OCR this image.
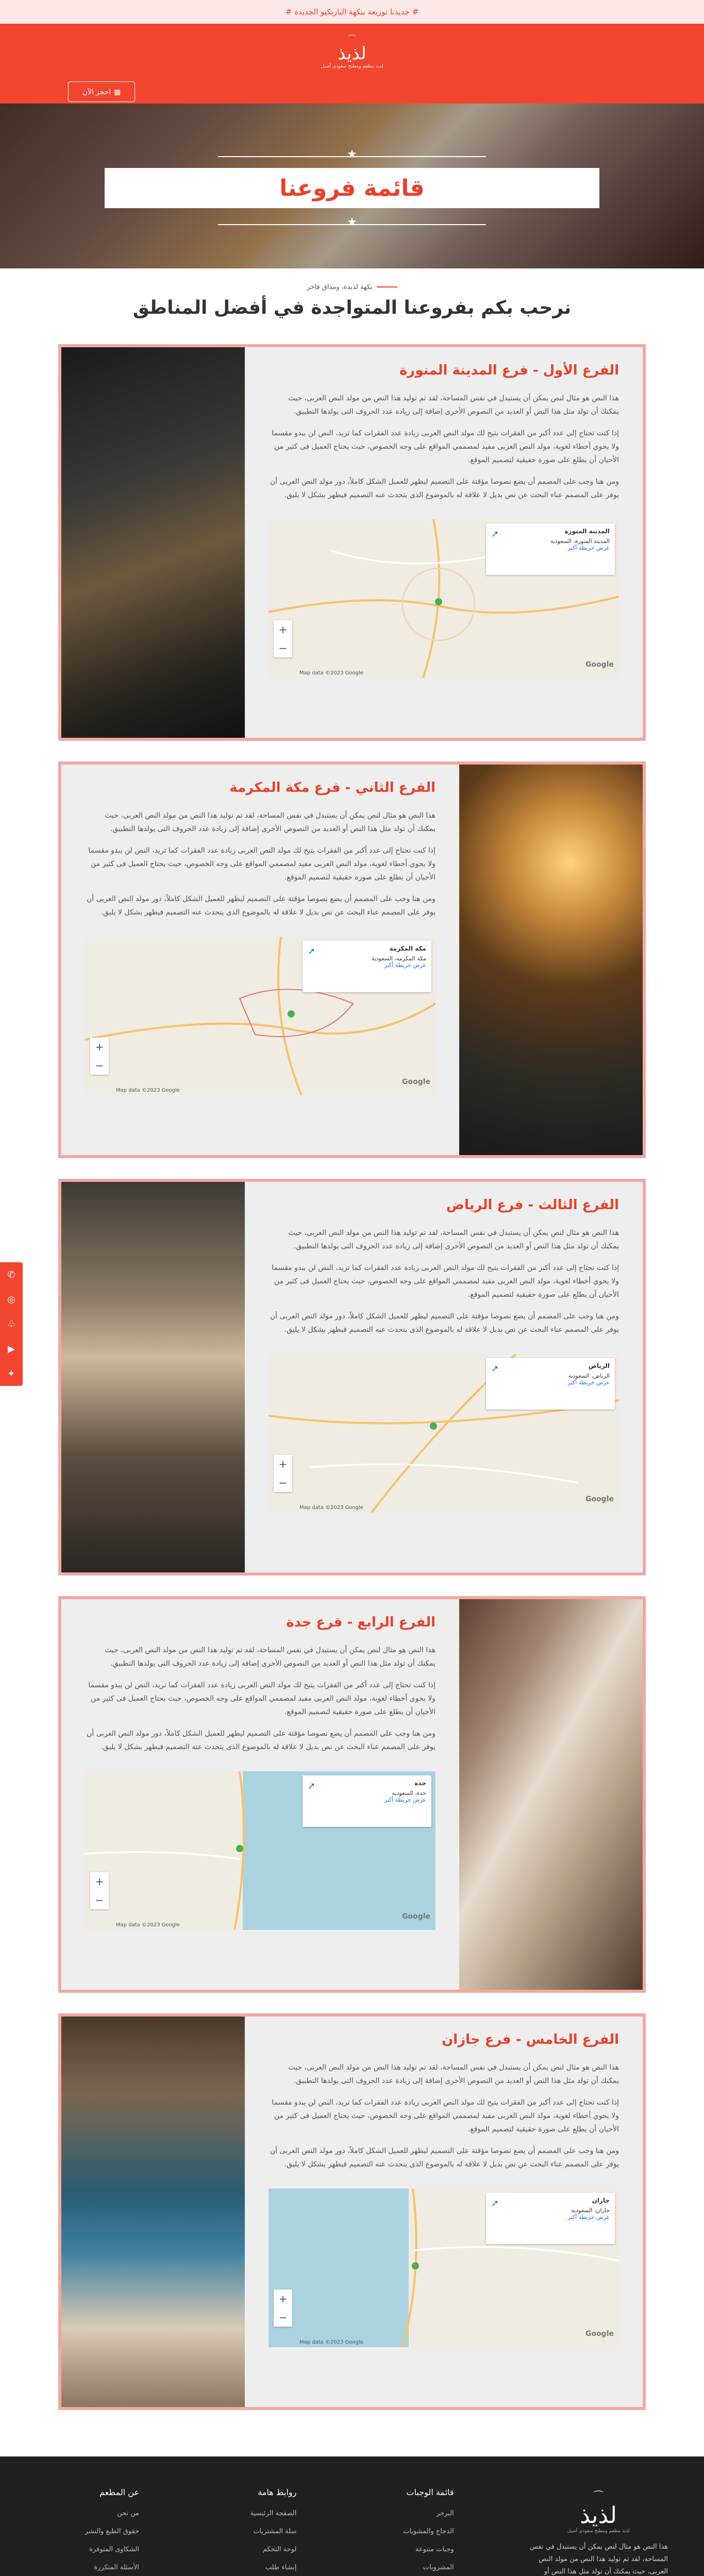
# جديدنا توزيعة بنكهة الباربكيو الجديدة #
⌒
لذيذ
لذيذ مطعم ومطبخ سعودي أصيل
▦
احجز الآن
★
قائمة فروعنا
★
نكهة لذيذة، ومذاق فاخر
نرحب بكم بفروعنا المتواجدة في أفضل المناطق
الفرع الأول - فرع المدينة المنورة

هذا النص هو مثال لنص يمكن أن يستبدل في نفس المساحة، لقد تم توليد هذا النص من مولد النص العربى، حيث يمكنك أن تولد مثل هذا النص أو العديد من النصوص الأخرى إضافة إلى زيادة عدد الحروف التى يولدها التطبيق.

إذا كنت تحتاج إلى عدد أكبر من الفقرات يتيح لك مولد النص العربى زيادة عدد الفقرات كما تريد، النص لن يبدو مقسما ولا يحوي أخطاء لغوية، مولد النص العربى مفيد لمصممي المواقع على وجه الخصوص، حيث يحتاج العميل فى كثير من الأحيان أن يطلع على صورة حقيقية لتصميم الموقع.

ومن هنا وجب على المصمم أن يضع نصوصا مؤقتة على التصميم ليظهر للعميل الشكل كاملاً، دور مولد النص العربى أن يوفر على المصمم عناء البحث عن نص بديل لا علاقة له بالموضوع الذى يتحدث عنه التصميم فيظهر بشكل لا يليق.

المدينة المنورة
المدينة المنورة، السعودية
عرض خريطة أكبر
➚
+
−
Google
Map data ©2023 Google
الفرع الثاني - فرع مكة المكرمة

هذا النص هو مثال لنص يمكن أن يستبدل في نفس المساحة، لقد تم توليد هذا النص من مولد النص العربى، حيث يمكنك أن تولد مثل هذا النص أو العديد من النصوص الأخرى إضافة إلى زيادة عدد الحروف التى يولدها التطبيق.

إذا كنت تحتاج إلى عدد أكبر من الفقرات يتيح لك مولد النص العربى زيادة عدد الفقرات كما تريد، النص لن يبدو مقسما ولا يحوي أخطاء لغوية، مولد النص العربى مفيد لمصممي المواقع على وجه الخصوص، حيث يحتاج العميل فى كثير من الأحيان أن يطلع على صورة حقيقية لتصميم الموقع.

ومن هنا وجب على المصمم أن يضع نصوصا مؤقتة على التصميم ليظهر للعميل الشكل كاملاً، دور مولد النص العربى أن يوفر على المصمم عناء البحث عن نص بديل لا علاقة له بالموضوع الذى يتحدث عنه التصميم فيظهر بشكل لا يليق.

مكة المكرمة
مكة المكرمة، السعودية
عرض خريطة أكبر
➚
+
−
Google
Map data ©2023 Google
الفرع الثالث - فرع الرياض

هذا النص هو مثال لنص يمكن أن يستبدل في نفس المساحة، لقد تم توليد هذا النص من مولد النص العربى، حيث يمكنك أن تولد مثل هذا النص أو العديد من النصوص الأخرى إضافة إلى زيادة عدد الحروف التى يولدها التطبيق.

إذا كنت تحتاج إلى عدد أكبر من الفقرات يتيح لك مولد النص العربى زيادة عدد الفقرات كما تريد، النص لن يبدو مقسما ولا يحوي أخطاء لغوية، مولد النص العربى مفيد لمصممي المواقع على وجه الخصوص، حيث يحتاج العميل فى كثير من الأحيان أن يطلع على صورة حقيقية لتصميم الموقع.

ومن هنا وجب على المصمم أن يضع نصوصا مؤقتة على التصميم ليظهر للعميل الشكل كاملاً، دور مولد النص العربى أن يوفر على المصمم عناء البحث عن نص بديل لا علاقة له بالموضوع الذى يتحدث عنه التصميم فيظهر بشكل لا يليق.

الرياض
الرياض، السعودية
عرض خريطة أكبر
➚
+
−
Google
Map data ©2023 Google
الفرع الرابع - فرع جدة

هذا النص هو مثال لنص يمكن أن يستبدل في نفس المساحة، لقد تم توليد هذا النص من مولد النص العربى، حيث يمكنك أن تولد مثل هذا النص أو العديد من النصوص الأخرى إضافة إلى زيادة عدد الحروف التى يولدها التطبيق.

إذا كنت تحتاج إلى عدد أكبر من الفقرات يتيح لك مولد النص العربى زيادة عدد الفقرات كما تريد، النص لن يبدو مقسما ولا يحوي أخطاء لغوية، مولد النص العربى مفيد لمصممي المواقع على وجه الخصوص، حيث يحتاج العميل فى كثير من الأحيان أن يطلع على صورة حقيقية لتصميم الموقع.

ومن هنا وجب على المصمم أن يضع نصوصا مؤقتة على التصميم ليظهر للعميل الشكل كاملاً، دور مولد النص العربى أن يوفر على المصمم عناء البحث عن نص بديل لا علاقة له بالموضوع الذى يتحدث عنه التصميم فيظهر بشكل لا يليق.

جدة
جدة، السعودية
عرض خريطة أكبر
➚
+
−
Google
Map data ©2023 Google
الفرع الخامس - فرع جازان

هذا النص هو مثال لنص يمكن أن يستبدل في نفس المساحة، لقد تم توليد هذا النص من مولد النص العربى، حيث يمكنك أن تولد مثل هذا النص أو العديد من النصوص الأخرى إضافة إلى زيادة عدد الحروف التى يولدها التطبيق.

إذا كنت تحتاج إلى عدد أكبر من الفقرات يتيح لك مولد النص العربى زيادة عدد الفقرات كما تريد، النص لن يبدو مقسما ولا يحوي أخطاء لغوية، مولد النص العربى مفيد لمصممي المواقع على وجه الخصوص، حيث يحتاج العميل فى كثير من الأحيان أن يطلع على صورة حقيقية لتصميم الموقع.

ومن هنا وجب على المصمم أن يضع نصوصا مؤقتة على التصميم ليظهر للعميل الشكل كاملاً، دور مولد النص العربى أن يوفر على المصمم عناء البحث عن نص بديل لا علاقة له بالموضوع الذى يتحدث عنه التصميم فيظهر بشكل لا يليق.

جازان
جازان، السعودية
عرض خريطة أكبر
➚
+
−
Google
Map data ©2023 Google
✆
◎
♧
▶
✦
⌒
لذيذ
لذيذ مطعم ومطبخ سعودي أصيل

هذا النص هو مثال لنص يمكن أن يستبدل في نفس المساحة، لقد تم توليد هذا النص من مولد النص العربى، حيث يمكنك أن تولد مثل هذا النص أو

قائمة الوجبات
البرجر
الدجاج والمشويات
وجبات متنوعة
المشروبات
روابط هامة
الصفحة الرئيسية
سلة المشتريات
لوحة التحكم
إنشاء طلب
عن المطعم
من نحن
حقوق الطبع والنشر
الشكاوى المتوفرة
الأسئلة المتكررة
